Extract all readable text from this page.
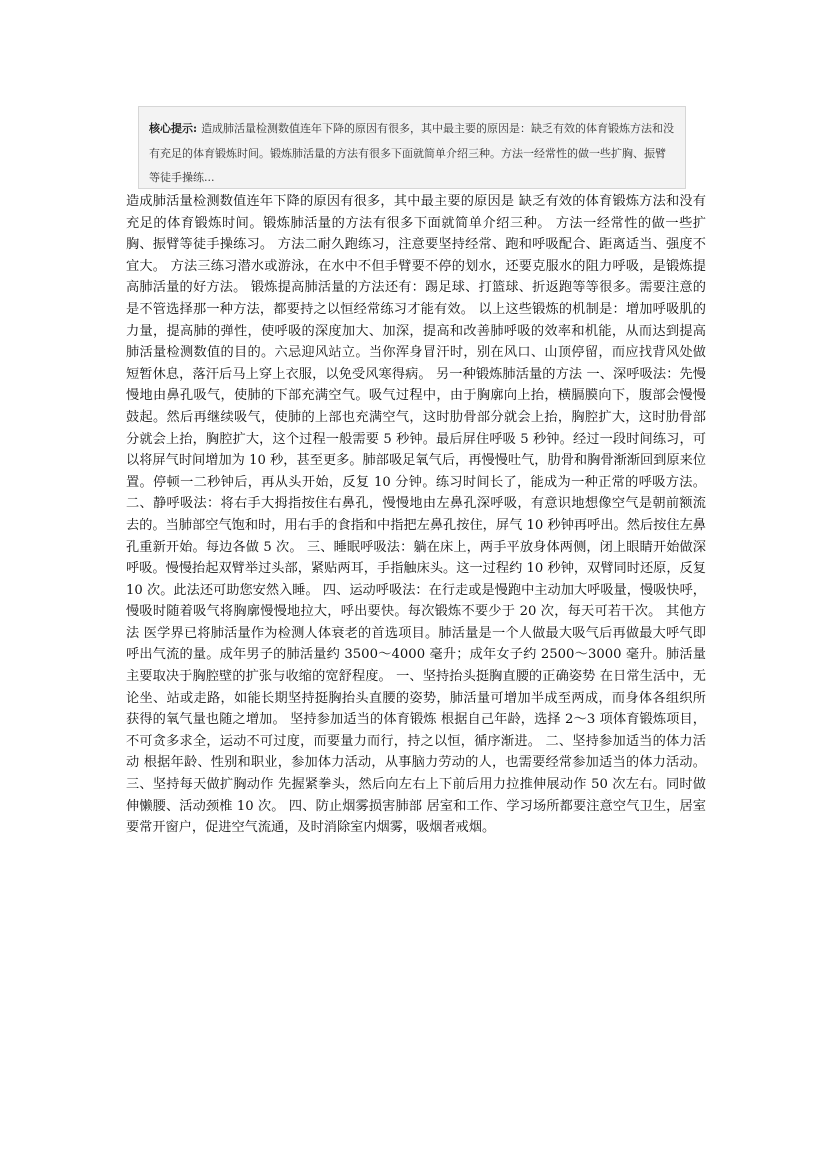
核心提示: 造成肺活量检测数值连年下降的原因有很多，其中最主要的原因是：缺乏有效的体育锻炼方法和没有充足的体育锻炼时间。锻炼肺活量的方法有很多下面就简单介绍三种。方法一经常性的做一些扩胸、振臂等徒手操练...

造成肺活量检测数值连年下降的原因有很多，其中最主要的原因是 缺乏有效的体育锻炼方法和没有充足的体育锻炼时间。锻炼肺活量的方法有很多下面就简单介绍三种。 方法一经常性的做一些扩胸、振臂等徒手操练习。 方法二耐久跑练习，注意要坚持经常、跑和呼吸配合、距离适当、强度不宜大。 方法三练习潜水或游泳，在水中不但手臂要不停的划水，还要克服水的阻力呼吸，是锻炼提高肺活量的好方法。 锻炼提高肺活量的方法还有：踢足球、打篮球、折返跑等等很多。需要注意的是不管选择那一种方法，都要持之以恒经常练习才能有效。 以上这些锻炼的机制是：增加呼吸肌的力量，提高肺的弹性，使呼吸的深度加大、加深，提高和改善肺呼吸的效率和机能，从而达到提高肺活量检测数值的目的。六忌迎风站立。当你浑身冒汗时，别在风口、山顶停留，而应找背风处做短暂休息，落汗后马上穿上衣服，以免受风寒得病。 另一种锻炼肺活量的方法 一、深呼吸法：先慢慢地由鼻孔吸气，使肺的下部充满空气。吸气过程中，由于胸廓向上抬，横膈膜向下，腹部会慢慢鼓起。然后再继续吸气，使肺的上部也充满空气，这时肋骨部分就会上抬，胸腔扩大，这时肋骨部分就会上抬，胸腔扩大，这个过程一般需要 5 秒钟。最后屏住呼吸 5 秒钟。经过一段时间练习，可以将屏气时间增加为 10 秒，甚至更多。肺部吸足氧气后，再慢慢吐气，肋骨和胸骨渐渐回到原来位置。停顿一二秒钟后，再从头开始，反复 10 分钟。练习时间长了，能成为一种正常的呼吸方法。 二、静呼吸法：将右手大拇指按住右鼻孔，慢慢地由左鼻孔深呼吸，有意识地想像空气是朝前额流去的。当肺部空气饱和时，用右手的食指和中指把左鼻孔按住，屏气 10 秒钟再呼出。然后按住左鼻孔重新开始。每边各做 5 次。 三、睡眠呼吸法：躺在床上，两手平放身体两侧，闭上眼睛开始做深呼吸。慢慢抬起双臂举过头部，紧贴两耳，手指触床头。这一过程约 10 秒钟，双臂同时还原，反复 10 次。此法还可助您安然入睡。 四、运动呼吸法：在行走或是慢跑中主动加大呼吸量，慢吸快呼，慢吸时随着吸气将胸廓慢慢地拉大，呼出要快。每次锻炼不要少于 20 次，每天可若干次。 其他方法 医学界已将肺活量作为检测人体衰老的首选项目。肺活量是一个人做最大吸气后再做最大呼气即呼出气流的量。成年男子的肺活量约 3500～4000 毫升；成年女子约 2500～3000 毫升。肺活量主要取决于胸腔壁的扩张与收缩的宽舒程度。 一、坚持抬头挺胸直腰的正确姿势 在日常生活中，无论坐、站或走路，如能长期坚持挺胸抬头直腰的姿势，肺活量可增加半成至两成，而身体各组织所获得的氧气量也随之增加。 坚持参加适当的体育锻炼 根据自己年龄，选择 2～3 项体育锻炼项目，不可贪多求全，运动不可过度，而要量力而行，持之以恒，循序渐进。 二、坚持参加适当的体力活动 根据年龄、性别和职业，参加体力活动，从事脑力劳动的人，也需要经常参加适当的体力活动。 三、坚持每天做扩胸动作 先握紧拳头，然后向左右上下前后用力拉推伸展动作 50 次左右。同时做伸懒腰、活动颈椎 10 次。 四、防止烟雾损害肺部 居室和工作、学习场所都要注意空气卫生，居室要常开窗户，促进空气流通，及时消除室内烟雾，吸烟者戒烟。
